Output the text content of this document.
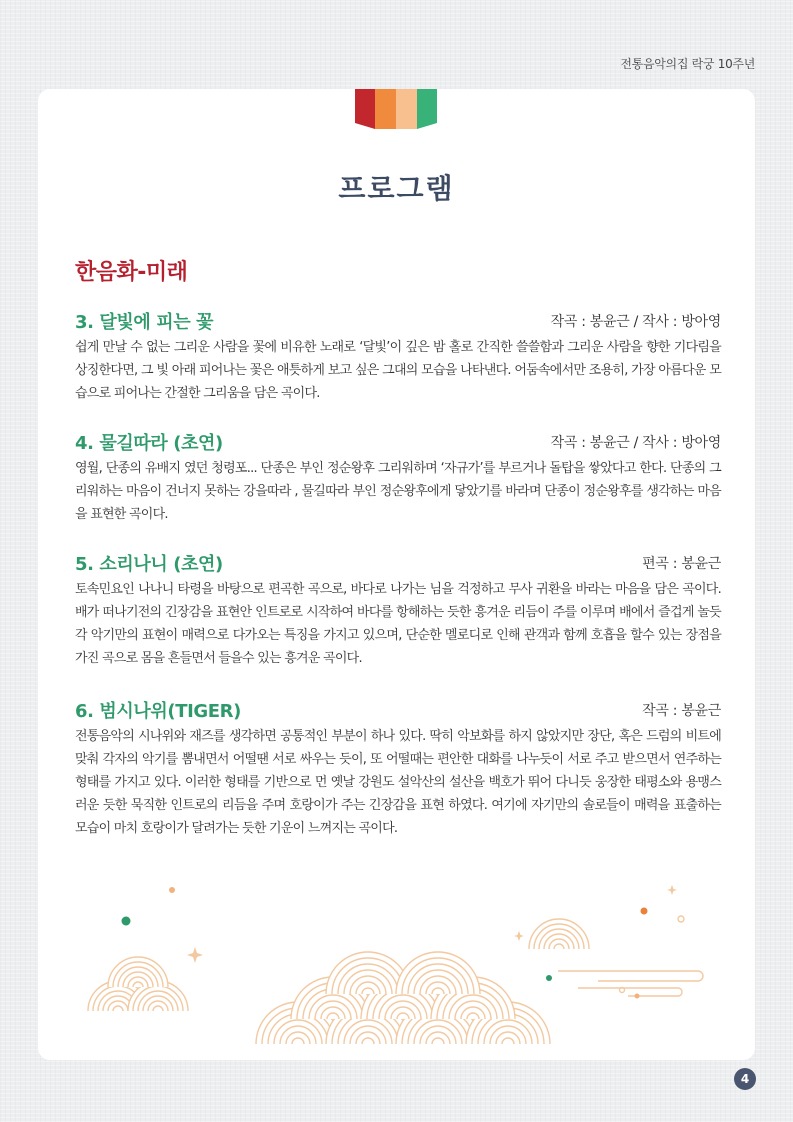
전통음악의집 락궁 10주년
프로그램
한음화-미래
3. 달빛에 피는 꽃	작곡 : 봉윤근 / 작사 : 방아영

쉽게 만날 수 없는 그리운 사람을 꽃에 비유한 노래로 ‘달빛’이 깊은 밤 홀로 간직한 쓸쓸함과 그리운 사람을 향한 기다림을 상징한다면, 그 빛 아래 피어나는 꽃은 애틋하게 보고 싶은 그대의 모습을 나타낸다. 어둠속에서만 조용히, 가장 아름다운 모습으로 피어나는 간절한 그리움을 담은 곡이다.

4. 물길따라 (초연)	작곡 : 봉윤근 / 작사 : 방아영

영월, 단종의 유배지 였던 청령포... 단종은 부인 정순왕후 그리워하며 ‘자규가’를 부르거나 돌탑을 쌓았다고 한다. 단종의 그리워하는 마음이 건너지 못하는 강을따라 , 물길따라 부인 정순왕후에게 닿았기를 바라며 단종이 정순왕후를 생각하는 마음을 표현한 곡이다.

5. 소리나니 (초연)	편곡 : 봉윤근

토속민요인 나나니 타령을 바탕으로 편곡한 곡으로, 바다로 나가는 님을 걱정하고 무사 귀환을 바라는 마음을 담은 곡이다. 배가 떠나기전의 긴장감을 표현안 인트로로 시작하여 바다를 항해하는 듯한 흥겨운 리듬이 주를 이루며 배에서 즐겁게 놀듯 각 악기만의 표현이 매력으로 다가오는 특징을 가지고 있으며, 단순한 멜로디로 인해 관객과 함께 호흡을 할수 있는 장점을 가진 곡으로 몸을 흔들면서 들을수 있는 흥겨운 곡이다.

6. 범시나위(TIGER)	작곡 : 봉윤근

전통음악의 시나위와 재즈를 생각하면 공통적인 부분이 하나 있다. 딱히 악보화를 하지 않았지만 장단, 혹은 드럼의 비트에 맞춰 각자의 악기를 뽐내면서 어떨땐 서로 싸우는 듯이, 또 어떨때는 편안한 대화를 나누듯이 서로 주고 받으면서 연주하는 형태를 가지고 있다. 이러한 형태를 기반으로 먼 옛날 강원도 설악산의 설산을 백호가 뛰어 다니듯 웅장한 태평소와 용맹스러운 듯한 묵직한 인트로의 리듬을 주며 호랑이가 주는 긴장감을 표현 하였다. 여기에 자기만의 솔로들이 매력을 표출하는 모습이 마치 호랑이가 달려가는 듯한 기운이 느껴지는 곡이다.

4
